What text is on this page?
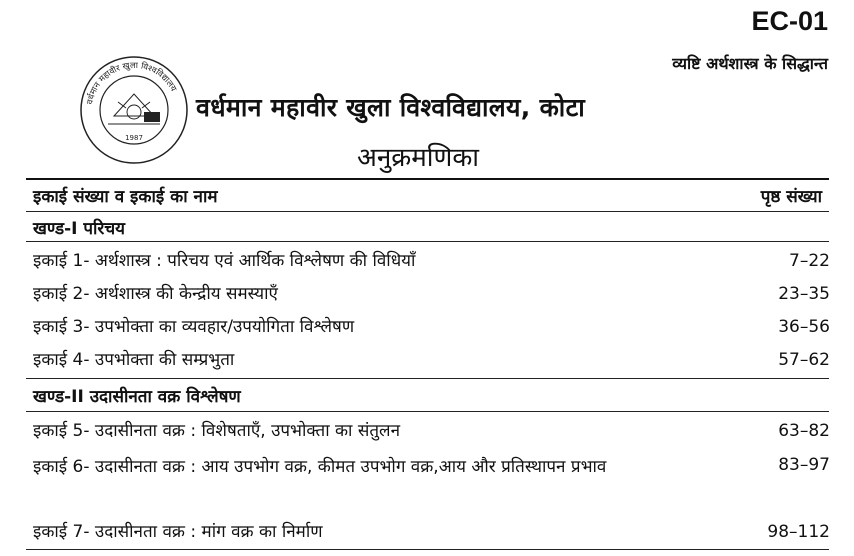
EC-01
व्यष्टि अर्थशास्त्र के सिद्धान्त
वर्धमान महावीर खुला विश्वविद्यालय
1987
वर्धमान महावीर खुला विश्वविद्यालय, कोटा
अनुक्रमणिका
इकाई संख्या व इकाई का नाम	पृष्ठ संख्या
खण्ड-I परिचय
इकाई 1- अर्थशास्त्र : परिचय एवं आर्थिक विश्लेषण की विधियाँ	7–22
इकाई 2- अर्थशास्त्र की केन्द्रीय समस्याएँ	23–35
इकाई 3- उपभोक्ता का व्यवहार/उपयोगिता विश्लेषण	36–56
इकाई 4- उपभोक्ता की सम्प्रभुता	57–62
खण्ड-II उदासीनता वक्र विश्लेषण
इकाई 5- उदासीनता वक्र : विशेषताएँ, उपभोक्ता का संतुलन	63–82
इकाई 6- उदासीनता वक्र : आय उपभोग वक्र, कीमत उपभोग वक्र,आय और प्रतिस्थापन प्रभाव	83–97
इकाई 7- उदासीनता वक्र : मांग वक्र का निर्माण	98–112
